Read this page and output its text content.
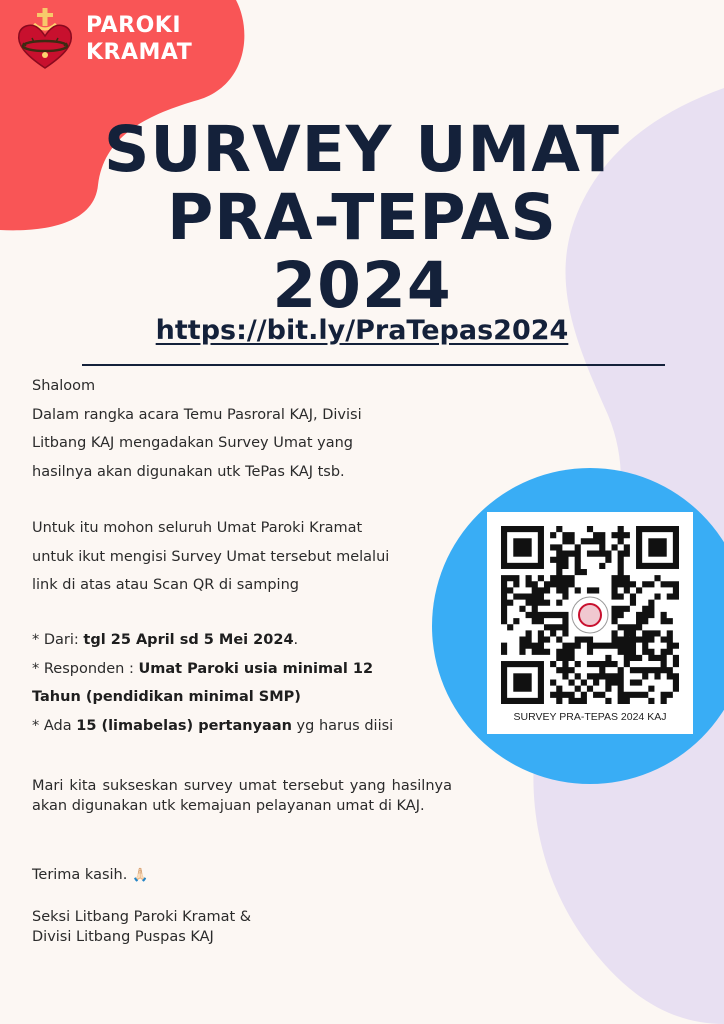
PAROKI
KRAMAT
SURVEY UMAT
PRA-TEPAS
2024
https://bit.ly/PraTepas2024

Shaloom

Dalam rangka acara Temu Pasroral KAJ, Divisi

Litbang KAJ mengadakan Survey Umat yang

hasilnya akan digunakan utk TePas KAJ tsb.

Untuk itu mohon seluruh Umat Paroki Kramat

untuk ikut mengisi Survey Umat tersebut melalui

link di atas atau Scan QR di samping

* Dari: tgl 25 April sd 5 Mei 2024.

* Responden : Umat Paroki usia minimal 12

Tahun (pendidikan minimal SMP)

* Ada 15 (limabelas) pertanyaan yg harus diisi

Mari kita sukseskan survey umat tersebut yang hasilnya akan digunakan utk kemajuan pelayanan umat di KAJ.
Terima kasih. 🙏🏻

Seksi Litbang Paroki Kramat &

Divisi Litbang Puspas KAJ

SURVEY PRA-TEPAS 2024 KAJ
